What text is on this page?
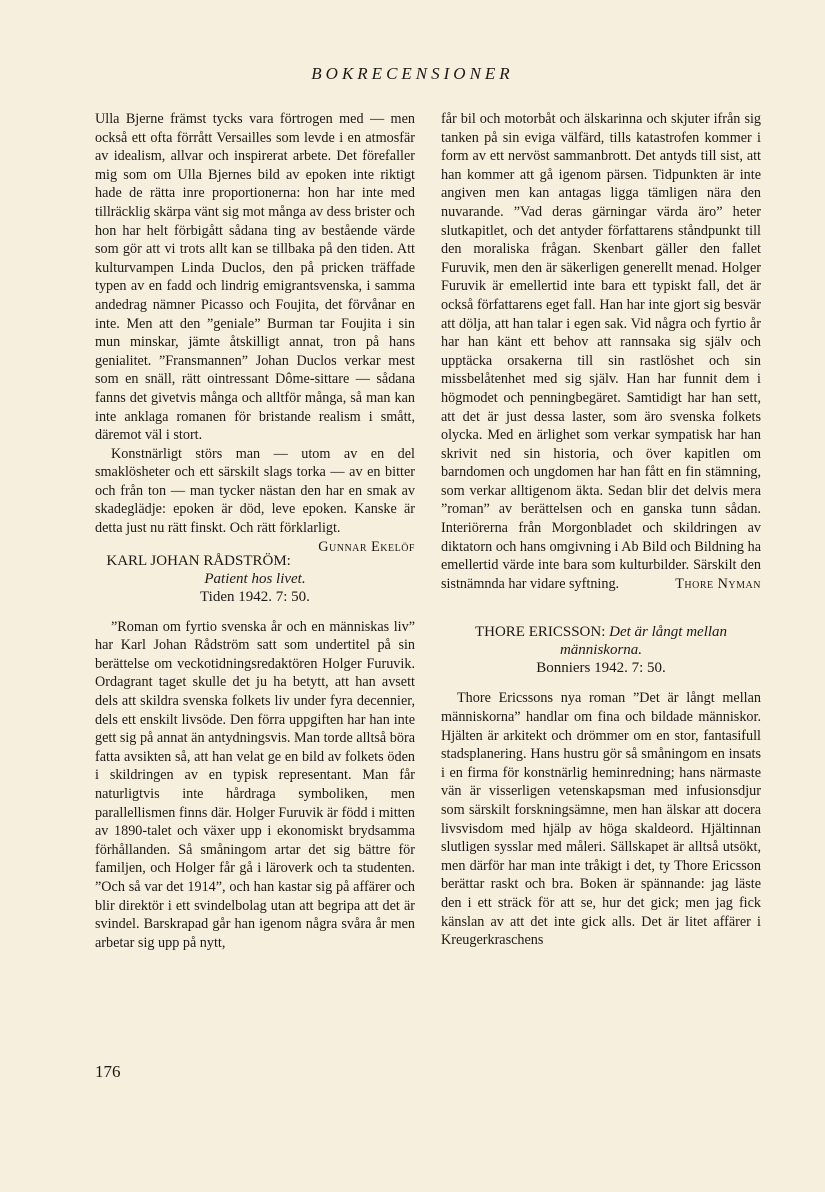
BOKRECENSIONER

Ulla Bjerne främst tycks vara förtrogen med — men också ett ofta förrått Versailles som levde i en atmosfär av idealism, allvar och inspirerat arbete. Det förefaller mig som om Ulla Bjernes bild av epoken inte riktigt hade de rätta inre proportionerna: hon har inte med tillräcklig skärpa vänt sig mot många av dess brister och hon har helt förbigått sådana ting av bestående värde som gör att vi trots allt kan se tillbaka på den tiden. Att kulturvampen Linda Duclos, den på pricken träffade typen av en fadd och lindrig emigrantsvenska, i samma andedrag nämner Picasso och Foujita, det förvånar en inte. Men att den ”geniale” Burman tar Foujita i sin mun minskar, jämte åtskilligt annat, tron på hans genialitet. ”Fransmannen” Johan Duclos verkar mest som en snäll, rätt ointressant Dôme-sittare — sådana fanns det givetvis många och alltför många, så man kan inte anklaga romanen för bristande realism i smått, däremot väl i stort.

Konstnärligt störs man — utom av en del smaklösheter och ett särskilt slags torka — av en bitter och från ton — man tycker nästan den har en smak av skadeglädje: epoken är död, leve epoken. Kanske är detta just nu rätt finskt. Och rätt förklarligt.
Gunnar Ekelöf

KARL JOHAN RÅDSTRÖM: Patient hos livet.
Tiden 1942. 7: 50.

”Roman om fyrtio svenska år och en människas liv” har Karl Johan Rådström satt som undertitel på sin berättelse om veckotidningsredaktören Holger Furuvik. Ordagrant taget skulle det ju ha betytt, att han avsett dels att skildra svenska folkets liv under fyra decennier, dels ett enskilt livsöde. Den förra uppgiften har han inte gett sig på annat än antydningsvis. Man torde alltså böra fatta avsikten så, att han velat ge en bild av folkets öden i skildringen av en typisk representant. Man får naturligtvis inte hårdraga symboliken, men parallellismen finns där. Holger Furuvik är född i mitten av 1890-talet och växer upp i ekonomiskt brydsamma förhållanden. Så småningom artar det sig bättre för familjen, och Holger får gå i läroverk och ta studenten. ”Och så var det 1914”, och han kastar sig på affärer och blir direktör i ett svindelbolag utan att begripa att det är svindel. Barskrapad går han igenom några svåra år men arbetar sig upp på nytt,

får bil och motorbåt och älskarinna och skjuter ifrån sig tanken på sin eviga välfärd, tills katastrofen kommer i form av ett nervöst sammanbrott. Det antyds till sist, att han kommer att gå igenom pärsen. Tidpunkten är inte angiven men kan antagas ligga tämligen nära den nuvarande. ”Vad deras gärningar värda äro” heter slutkapitlet, och det antyder författarens ståndpunkt till den moraliska frågan. Skenbart gäller den fallet Furuvik, men den är säkerligen generellt menad. Holger Furuvik är emellertid inte bara ett typiskt fall, det är också författarens eget fall. Han har inte gjort sig besvär att dölja, att han talar i egen sak. Vid några och fyrtio år har han känt ett behov att rannsaka sig själv och upptäcka orsakerna till sin rastlöshet och sin missbelåtenhet med sig själv. Han har funnit dem i högmodet och penningbegäret. Samtidigt har han sett, att det är just dessa laster, som äro svenska folkets olycka. Med en ärlighet som verkar sympatisk har han skrivit ned sin historia, och över kapitlen om barndomen och ungdomen har han fått en fin stämning, som verkar alltigenom äkta. Sedan blir det delvis mera ”roman” av berättelsen och en ganska tunn sådan. Interiörerna från Morgonbladet och skildringen av diktatorn och hans omgivning i Ab Bild och Bildning ha emellertid värde inte bara som kulturbilder. Särskilt den sistnämnda har vidare syftning.	Thore Nyman

THORE ERICSSON: Det är långt mellan människorna.
Bonniers 1942. 7: 50.

Thore Ericssons nya roman ”Det är långt mellan människorna” handlar om fina och bildade människor. Hjälten är arkitekt och drömmer om en stor, fantasifull stadsplanering. Hans hustru gör så småningom en insats i en firma för konstnärlig heminredning; hans närmaste vän är visserligen vetenskapsman med infusionsdjur som särskilt forskningsämne, men han älskar att docera livsvisdom med hjälp av höga skaldeord. Hjältinnan slutligen sysslar med måleri. Sällskapet är alltså utsökt, men därför har man inte tråkigt i det, ty Thore Ericsson berättar raskt och bra. Boken är spännande: jag läste den i ett sträck för att se, hur det gick; men jag fick känslan av att det inte gick alls. Det är litet affärer i Kreugerkraschens

176
